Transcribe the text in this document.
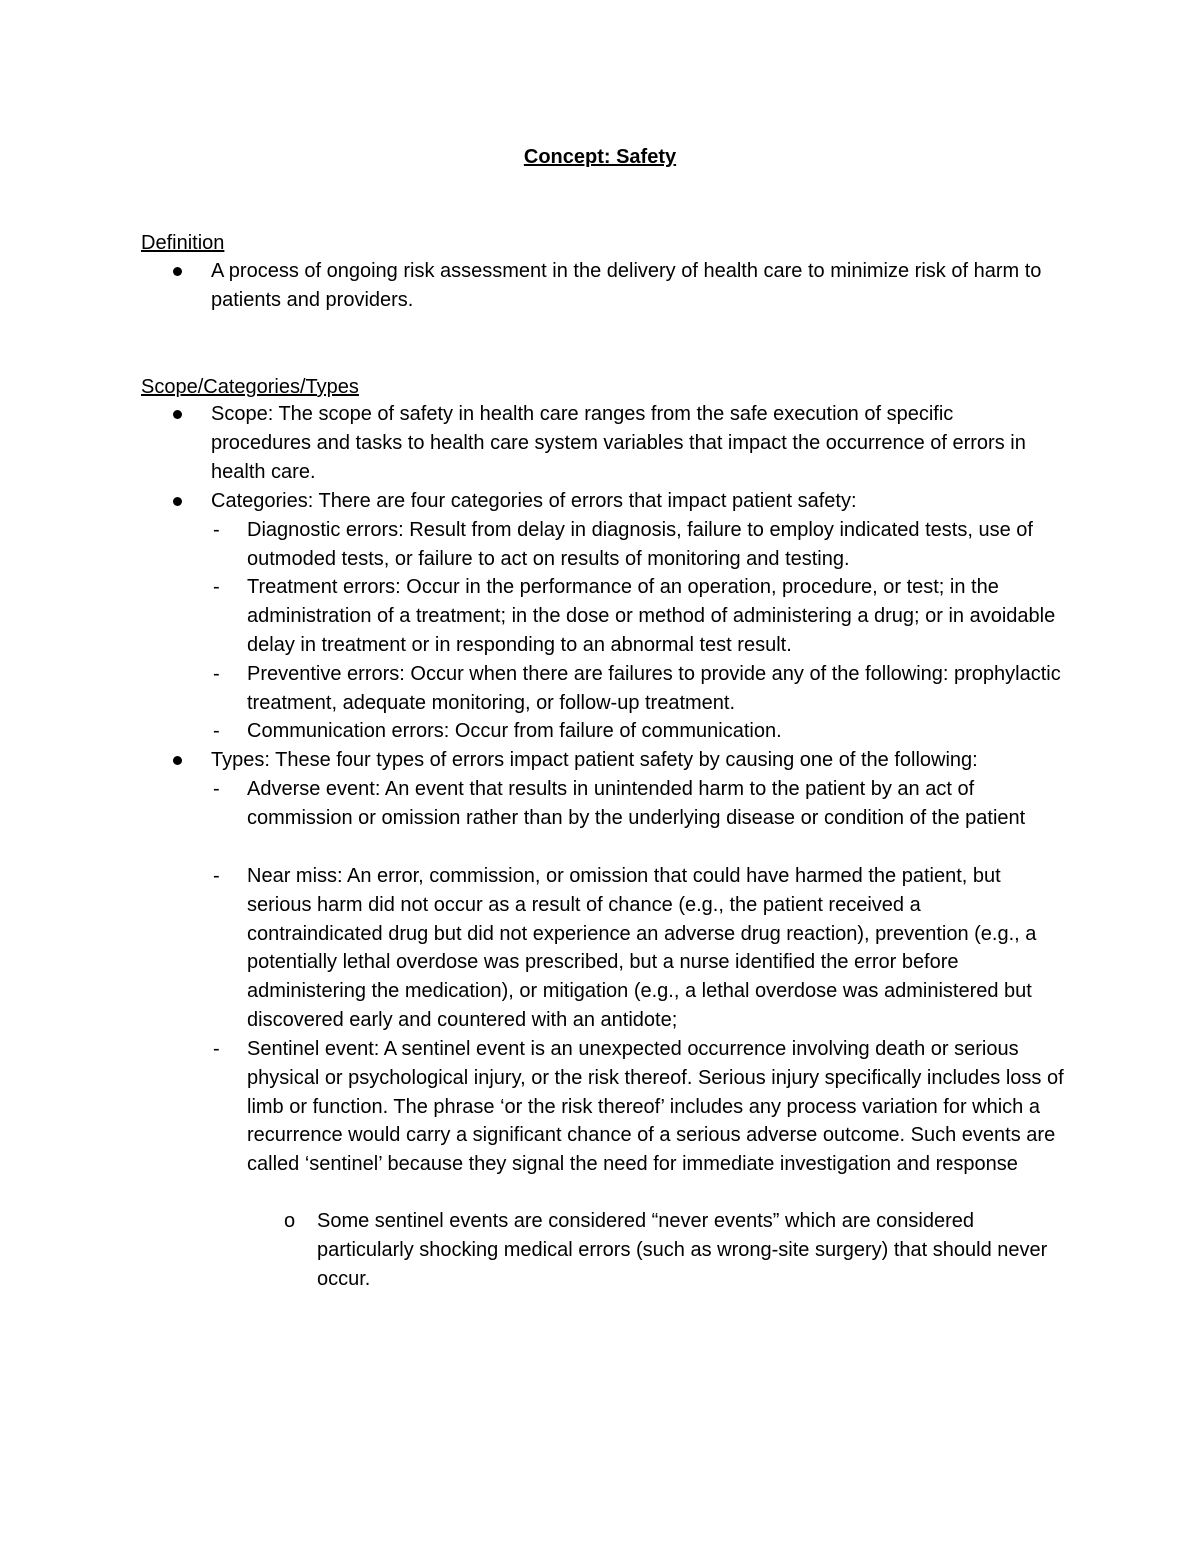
Concept: Safety
Definition
A process of ongoing risk assessment in the delivery of health care to minimize risk of harm to patients and providers.
Scope/Categories/Types
Scope: The scope of safety in health care ranges from the safe execution of specific procedures and tasks to health care system variables that impact the occurrence of errors in health care.
Categories: There are four categories of errors that impact patient safety:
- Diagnostic errors: Result from delay in diagnosis, failure to employ indicated tests, use of outmoded tests, or failure to act on results of monitoring and testing.
- Treatment errors: Occur in the performance of an operation, procedure, or test; in the administration of a treatment; in the dose or method of administering a drug; or in avoidable delay in treatment or in responding to an abnormal test result.
- Preventive errors: Occur when there are failures to provide any of the following: prophylactic treatment, adequate monitoring, or follow-up treatment.
- Communication errors: Occur from failure of communication.
Types: These four types of errors impact patient safety by causing one of the following:
- Adverse event: An event that results in unintended harm to the patient by an act of commission or omission rather than by the underlying disease or condition of the patient
- Near miss: An error, commission, or omission that could have harmed the patient, but serious harm did not occur as a result of chance (e.g., the patient received a contraindicated drug but did not experience an adverse drug reaction), prevention (e.g., a potentially lethal overdose was prescribed, but a nurse identified the error before administering the medication), or mitigation (e.g., a lethal overdose was administered but discovered early and countered with an antidote;
- Sentinel event: A sentinel event is an unexpected occurrence involving death or serious physical or psychological injury, or the risk thereof. Serious injury specifically includes loss of limb or function. The phrase ‘or the risk thereof’ includes any process variation for which a recurrence would carry a significant chance of a serious adverse outcome. Such events are called ‘sentinel’ because they signal the need for immediate investigation and response
o Some sentinel events are considered “never events” which are considered particularly shocking medical errors (such as wrong-site surgery) that should never occur.
